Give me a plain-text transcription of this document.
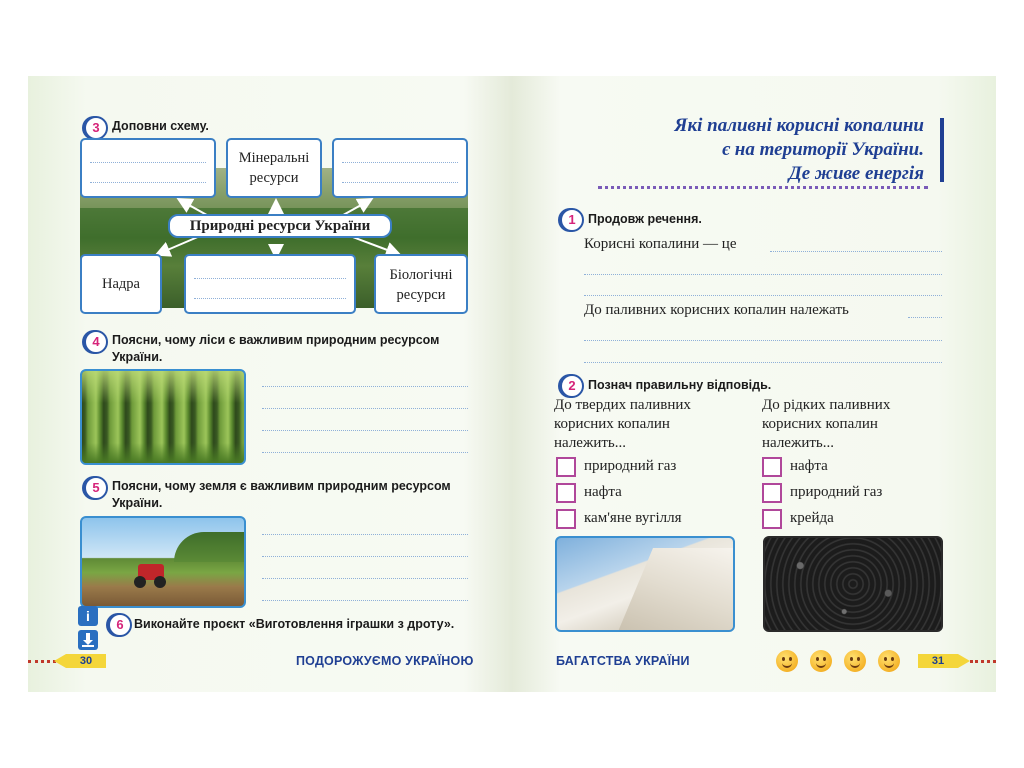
3 Доповни схему.
Мінеральні ресурси
Природні ресурси України
Надра
Біологічні ресурси
4 Поясни, чому ліси є важливим природним ресурсом України.
5 Поясни, чому земля є важливим природним ресурсом України.
i
6 Виконайте проєкт «Виготовлення іграшки з дроту».
30	ПОДОРОЖУЄМО УКРАЇНОЮ
Які паливні корисні копалини
є на території України.
Де живе енергія
1 Продовж речення.
Корисні копалини — це
До паливних корисних копалин належать
2 Познач правильну відповідь.
До твердих паливних
корисних копалин
належить...
До рідких паливних
корисних копалин
належить...
природний газ
нафта
кам'яне вугілля
нафта
природний газ
крейда
БАГАТСТВА УКРАЇНИ	31
